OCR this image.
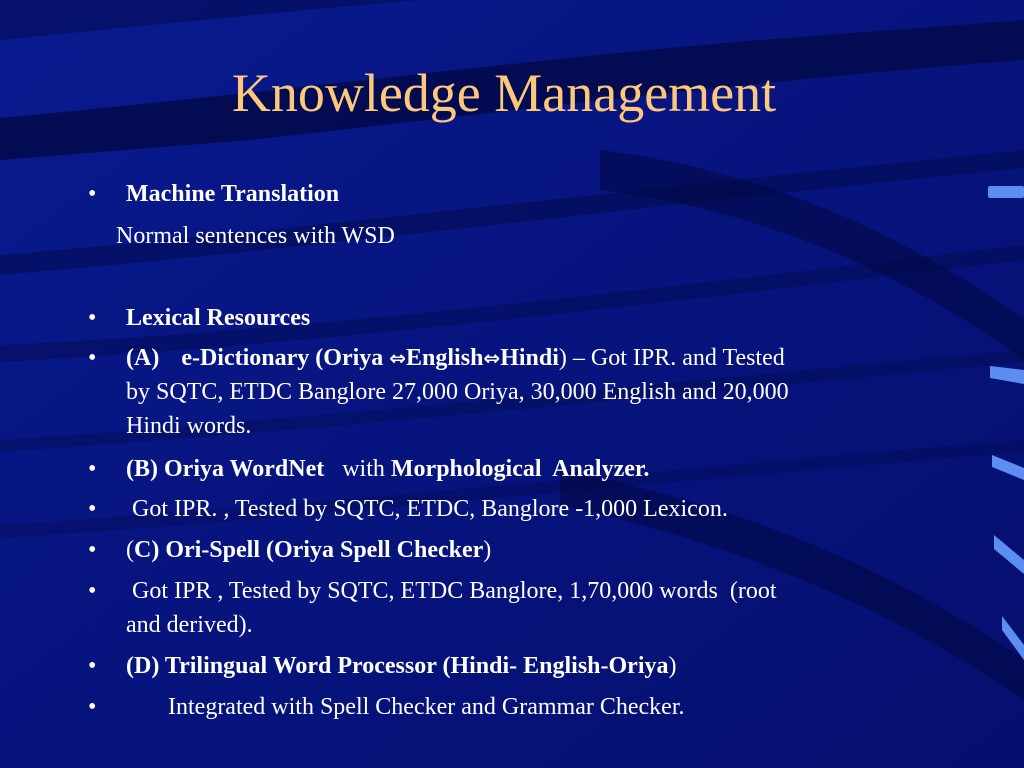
Knowledge Management
• Machine Translation
Normal sentences with WSD
• Lexical Resources
• (A) e-Dictionary (Oriya ⇔English⇔Hindi) – Got IPR. and Tested
by SQTC, ETDC Banglore 27,000 Oriya, 30,000 English and 20,000
Hindi words.
• (B) Oriya WordNet   with Morphological  Analyzer.
• Got IPR. , Tested by SQTC, ETDC, Banglore -1,000 Lexicon.
• (C) Ori-Spell (Oriya Spell Checker)
• Got IPR , Tested by SQTC, ETDC Banglore, 1,70,000 words  (root
and derived).
• (D) Trilingual Word Processor (Hindi- English-Oriya)
•	Integrated with Spell Checker and Grammar Checker.
